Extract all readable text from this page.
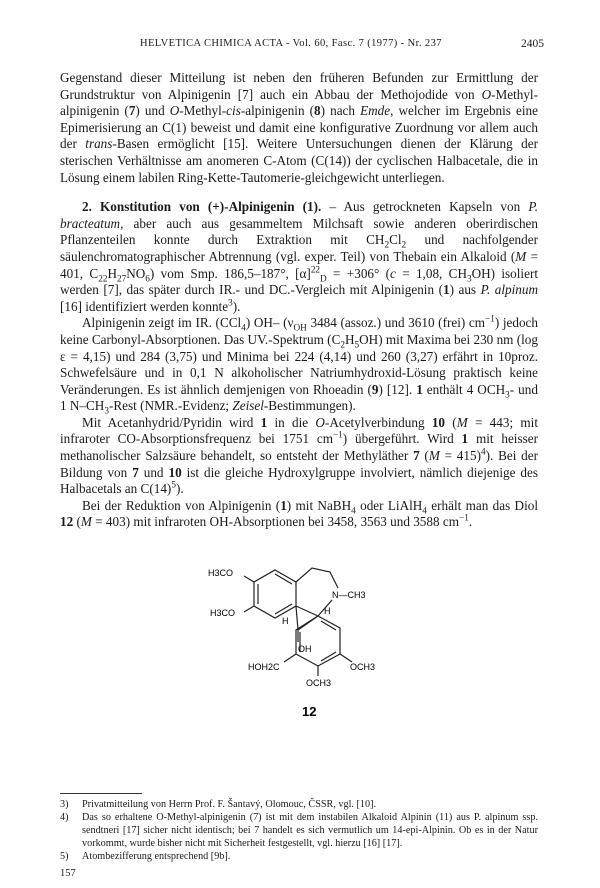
HELVETICA CHIMICA ACTA - Vol. 60, Fasc. 7 (1977) - Nr. 237	2405

Gegenstand dieser Mitteilung ist neben den früheren Befunden zur Ermittlung der Grundstruktur von Alpinigenin [7] auch ein Abbau der Methojodide von O-Methyl-alpinigenin (7) und O-Methyl-cis-alpinigenin (8) nach Emde, welcher im Ergebnis eine Epimerisierung an C(1) beweist und damit eine konfigurative Zuordnung vor allem auch der trans-Basen ermöglicht [15]. Weitere Untersuchungen dienen der Klärung der sterischen Verhältnisse am anomeren C-Atom (C(14)) der cyclischen Halbacetale, die in Lösung einem labilen Ring-Kette-Tautomerie-gleichgewicht unterliegen.

2. Konstitution von (+)-Alpinigenin (1). – Aus getrockneten Kapseln von P. bracteatum, aber auch aus gesammeltem Milchsaft sowie anderen oberirdischen Pflanzenteilen konnte durch Extraktion mit $CH_2Cl_2$ und nachfolgender säulenchromatographischer Abtrennung (vgl. exper. Teil) von Thebain ein Alkaloid (M = 401, $C_{22}H_{27}NO_6$) vom Smp. 186,5–187°, $[\alpha]^{22}_D = +306^\circ$ (c = 1,08, $CH_3OH$) isoliert werden [7], das später durch IR.- und DC.-Vergleich mit Alpinigenin (1) aus P. alpinum [16] identifiziert werden konnte$^3$).

Alpinigenin zeigt im IR. (CCl$_4$) OH– ($\nu_{OH}$ 3484 (assoz.) und 3610 (frei) $cm^{-1}$) jedoch keine Carbonyl-Absorptionen. Das UV.-Spektrum $(C_2H_5OH)$ mit Maxima bei 230 nm (log ε = 4,15) und 284 (3,75) und Minima bei 224 (4,14) und 260 (3,27) erfährt in 10proz. Schwefelsäure und in 0,1 N alkoholischer Natriumhydroxid-Lösung praktisch keine Veränderungen. Es ist ähnlich demjenigen von Rhoeadin (9) [12]. 1 enthält 4 $OCH_3-$ und 1 $N-CH_3$-Rest (NMR.-Evidenz; Zeisel-Bestimmungen).

Mit Acetanhydrid/Pyridin wird 1 in die O-Acetylverbindung 10 (M = 443; mit infraroter CO-Absorptionsfrequenz bei 1751 $cm^{-1}$) übergeführt. Wird 1 mit heisser methanolischer Salzsäure behandelt, so entsteht der Methyläther 7 (M = 415)$^4$). Bei der Bildung von 7 und 10 ist die gleiche Hydroxylgruppe involviert, nämlich diejenige des Halbacetals an $C(14)^5$).

Bei der Reduktion von Alpinigenin (1) mit NaBH$_4$ oder LiAlH$_4$ erhält man das Diol 12 (M = 403) mit infraroten OH-Absorptionen bei 3458, 3563 und 3588 $cm^{-1}$.

H3CO
H3CO
N—CH3
H
H
OH
HOH2C	OCH3
OCH3
12

3) Privatmitteilung von Herrn Prof. F. Šantavý, Olomouc, ČSSR, vgl. [10].

4) Das so erhaltene O-Methyl-alpinigenin (7) ist mit dem instabilen Alkaloid Alpinin (11) aus P. alpinum ssp. sendtneri [17] sicher nicht identisch; bei 7 handelt es sich vermutlich um 14-epi-Alpinin. Ob es in der Natur vorkommt, wurde bisher nicht mit Sicherheit festgestellt, vgl. hierzu [16] [17].

5) Atombezifferung entsprechend [9b].

157
